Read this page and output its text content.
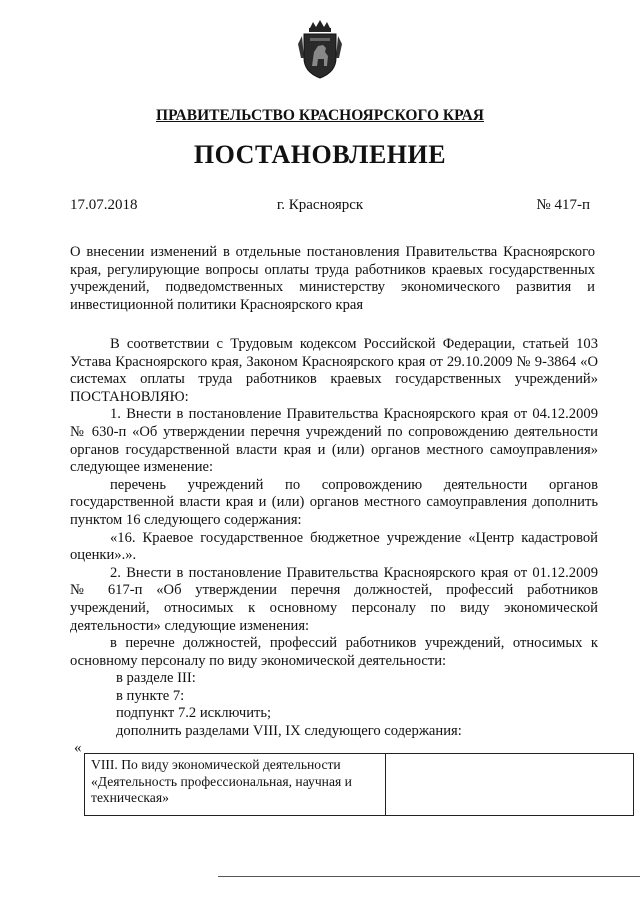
ПРАВИТЕЛЬСТВО КРАСНОЯРСКОГО КРАЯ
ПОСТАНОВЛЕНИЕ
17.07.2018	г. Красноярск	№ 417-п
О внесении изменений в отдельные постановления Правительства Красноярского края, регулирующие вопросы оплаты труда работников краевых государственных учреждений, подведомственных министерству экономического развития и инвестиционной политики Красноярского края

В соответствии с Трудовым кодексом Российской Федерации, статьей 103 Устава Красноярского края, Законом Красноярского края от 29.10.2009 № 9-3864 «О системах оплаты труда работников краевых государственных учреждений» ПОСТАНОВЛЯЮ:

1. Внести в постановление Правительства Красноярского края от 04.12.2009 № 630-п «Об утверждении перечня учреждений по сопровождению деятельности органов государственной власти края и (или) органов местного самоуправления» следующее изменение:

перечень учреждений по сопровождению деятельности органов государственной власти края и (или) органов местного самоуправления дополнить пунктом 16 следующего содержания:

«16. Краевое государственное бюджетное учреждение «Центр кадастровой оценки».».

2. Внести в постановление Правительства Красноярского края от 01.12.2009 № 617-п «Об утверждении перечня должностей, профессий работников учреждений, относимых к основному персоналу по виду экономической деятельности» следующие изменения:

в перечне должностей, профессий работников учреждений, относимых к основному персоналу по виду экономической деятельности:

в разделе III:

в пункте 7:

подпункт 7.2 исключить;

дополнить разделами VIII, IX следующего содержания:

«
VIII. По виду экономической деятельности «Деятельность профессиональная, научная и техническая»	
